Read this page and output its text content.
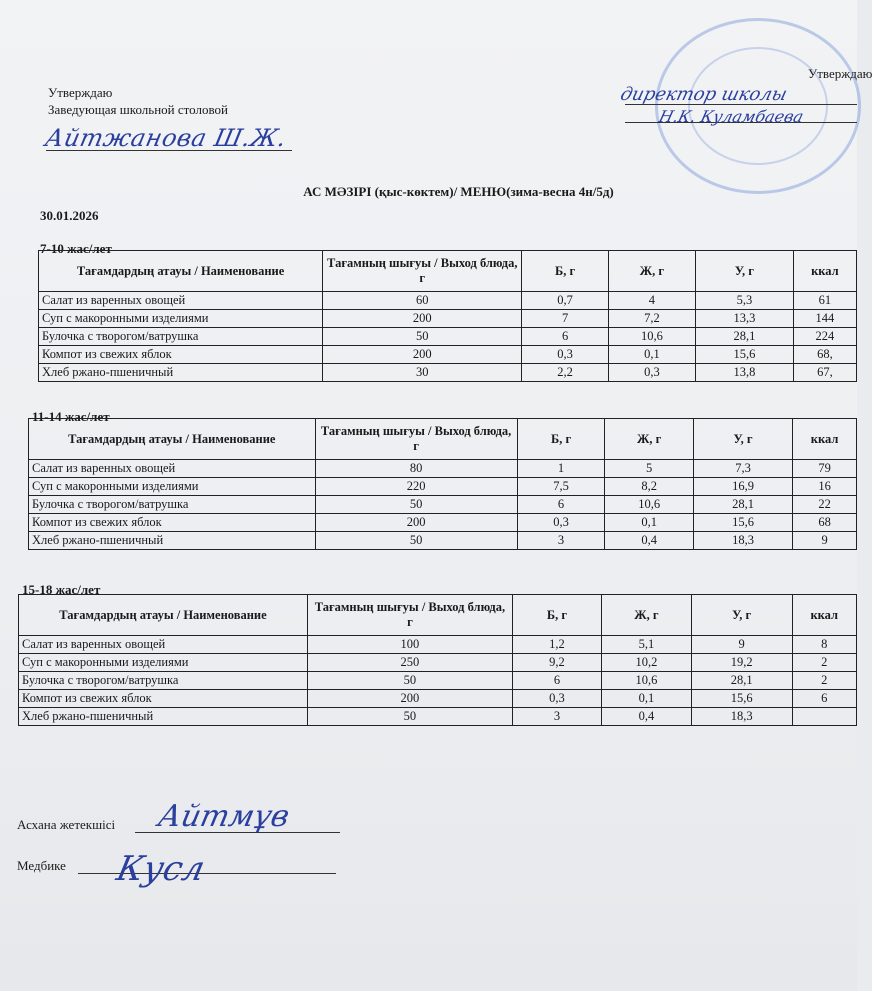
Утверждаю
Заведующая школьной столовой
Айтжанова Ш.Ж.
Утверждаю
директор школы
Н.К. Куламбаева
АС МӘЗІРІ (қыс-көктем)/ МЕНЮ(зима-весна 4н/5д)
30.01.2026
7-10 жас/лет
Тағамдардың атауы / Наименование	Тағамның шығуы / Выход блюда, г	Б, г	Ж, г	У, г	ккал
Салат из варенных овощей	60	0,7	4	5,3	61
Суп с макоронными изделиями	200	7	7,2	13,3	144
Булочка с творогом/ватрушка	50	6	10,6	28,1	224
Компот из свежих яблок	200	0,3	0,1	15,6	68,
Хлеб ржано-пшеничный	30	2,2	0,3	13,8	67,
11-14 жас/лет
Тағамдардың атауы / Наименование	Тағамның шығуы / Выход блюда, г	Б, г	Ж, г	У, г	ккал
Салат из варенных овощей	80	1	5	7,3	79
Суп с макоронными изделиями	220	7,5	8,2	16,9	16
Булочка с творогом/ватрушка	50	6	10,6	28,1	22
Компот из свежих яблок	200	0,3	0,1	15,6	68
Хлеб ржано-пшеничный	50	3	0,4	18,3	9
15-18 жас/лет
Тағамдардың атауы / Наименование	Тағамның шығуы / Выход блюда, г	Б, г	Ж, г	У, г	ккал
Салат из варенных овощей	100	1,2	5,1	9	8
Суп с макоронными изделиями	250	9,2	10,2	19,2	2
Булочка с творогом/ватрушка	50	6	10,6	28,1	2
Компот из свежих яблок	200	0,3	0,1	15,6	6
Хлеб ржано-пшеничный	50	3	0,4	18,3	
Асхана жетекшісі Айтмұв
Медбике Кусл
